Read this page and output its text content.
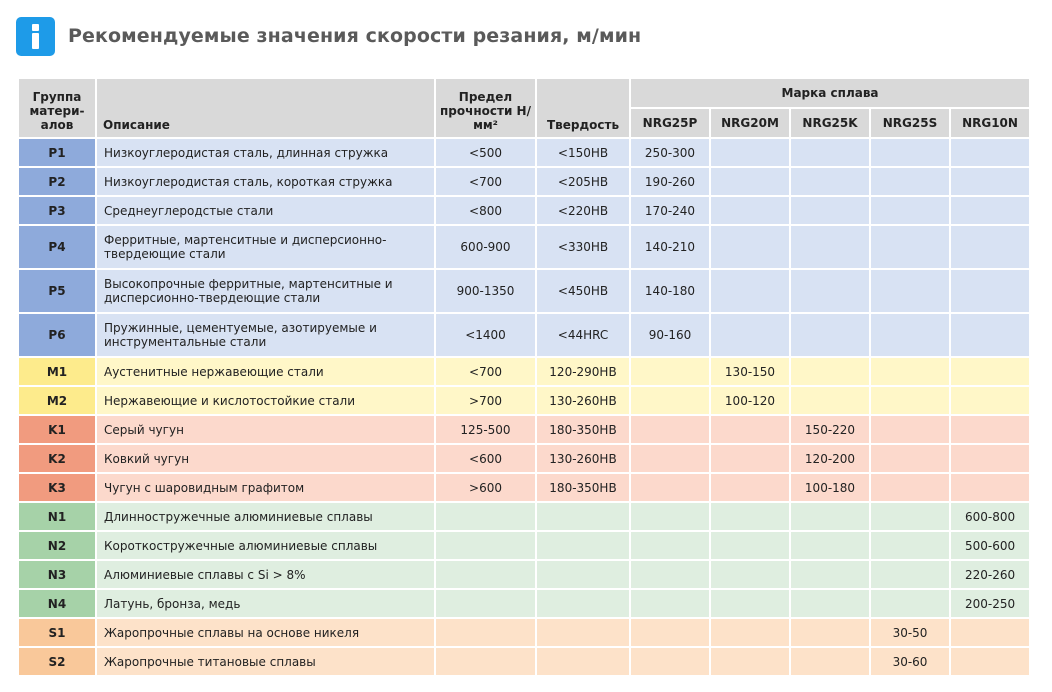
Рекомендуемые значения скорости резания, м/мин
Группа матери-алов	Описание	Предел прочности Н/мм²	Твердость	Марка сплава				
				NRG25P	NRG20M	NRG25K	NRG25S	NRG10N
P1	Низкоуглеродистая сталь, длинная стружка	<500	<150HB	250-300				
P2	Низкоуглеродистая сталь, короткая стружка	<700	<205HB	190-260				
P3	Среднеуглеродстые стали	<800	<220HB	170-240				
P4	Ферритные, мартенситные и дисперсионно-твердеющие стали	600-900	<330HB	140-210				
P5	Высокопрочные ферритные, мартенситные и дисперсионно-твердеющие стали	900-1350	<450HB	140-180				
P6	Пружинные, цементуемые, азотируемые и инструментальные стали	<1400	<44HRC	90-160				
M1	Аустенитные нержавеющие стали	<700	120-290HB		130-150			
M2	Нержавеющие и кислотостойкие стали	>700	130-260HB		100-120			
K1	Серый чугун	125-500	180-350HB			150-220		
K2	Ковкий чугун	<600	130-260HB			120-200		
K3	Чугун с шаровидным графитом	>600	180-350HB			100-180		
N1	Длинностружечные алюминиевые сплавы							600-800
N2	Короткостружечные алюминиевые сплавы							500-600
N3	Алюминиевые сплавы с Si > 8%							220-260
N4	Латунь, бронза, медь							200-250
S1	Жаропрочные сплавы на основе никеля						30-50	
S2	Жаропрочные титановые сплавы						30-60	
